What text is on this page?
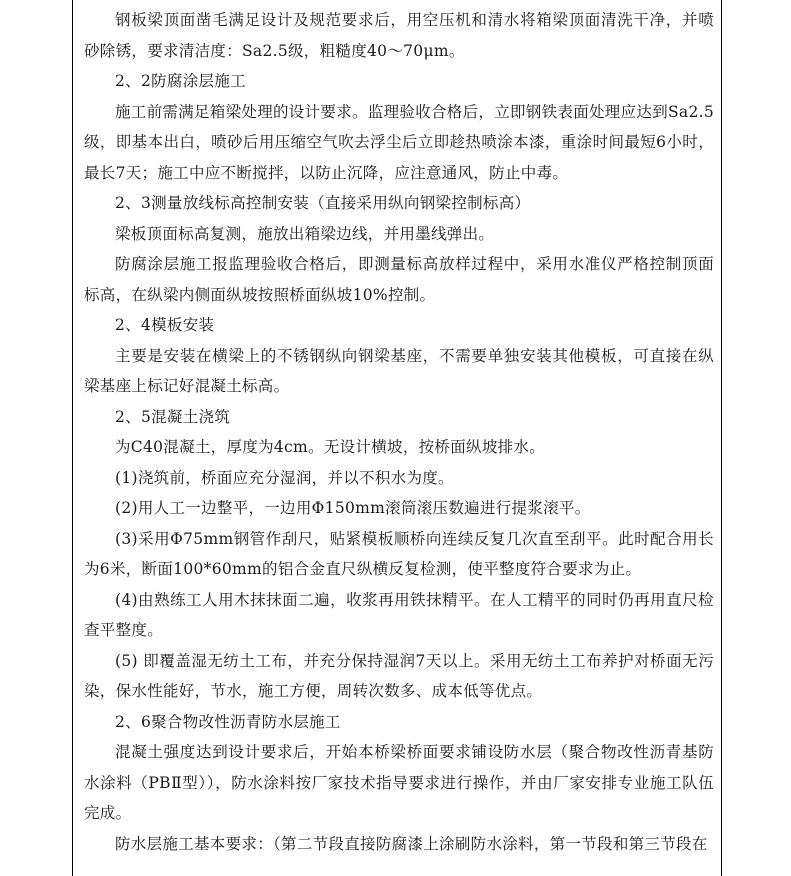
钢板梁顶面凿毛满足设计及规范要求后，用空压机和清水将箱梁顶面清洗干净，并喷砂除锈，要求清洁度：Sa2.5级，粗糙度40～70μm。

2、2防腐涂层施工

施工前需满足箱梁处理的设计要求。监理验收合格后，立即钢铁表面处理应达到Sa2.5级，即基本出白，喷砂后用压缩空气吹去浮尘后立即趁热喷涂本漆，重涂时间最短6小时，最长7天；施工中应不断搅拌，以防止沉降，应注意通风，防止中毒。

2、3测量放线标高控制安装（直接采用纵向钢梁控制标高）

梁板顶面标高复测，施放出箱梁边线，并用墨线弹出。

防腐涂层施工报监理验收合格后，即测量标高放样过程中，采用水准仪严格控制顶面标高，在纵梁内侧面纵坡按照桥面纵坡10%控制。

2、4模板安装

主要是安装在横梁上的不锈钢纵向钢梁基座，不需要单独安装其他模板，可直接在纵梁基座上标记好混凝土标高。

2、5混凝土浇筑

为C40混凝土，厚度为4cm。无设计横坡，按桥面纵坡排水。

(1)浇筑前，桥面应充分湿润，并以不积水为度。

(2)用人工一边整平，一边用Φ150mm滚筒滚压数遍进行提浆滚平。

(3)采用Φ75mm钢管作刮尺，贴紧模板顺桥向连续反复几次直至刮平。此时配合用长为6米，断面100*60mm的铝合金直尺纵横反复检测，使平整度符合要求为止。

(4)由熟练工人用木抹抹面二遍，收浆再用铁抹精平。在人工精平的同时仍再用直尺检查平整度。

(5) 即覆盖湿无纺土工布，并充分保持湿润7天以上。采用无纺土工布养护对桥面无污染，保水性能好，节水，施工方便，周转次数多、成本低等优点。

2、6聚合物改性沥青防水层施工

混凝土强度达到设计要求后，开始本桥梁桥面要求铺设防水层（聚合物改性沥青基防水涂料（PBⅡ型）），防水涂料按厂家技术指导要求进行操作，并由厂家安排专业施工队伍完成。

防水层施工基本要求：（第二节段直接防腐漆上涂刷防水涂料，第一节段和第三节段在
